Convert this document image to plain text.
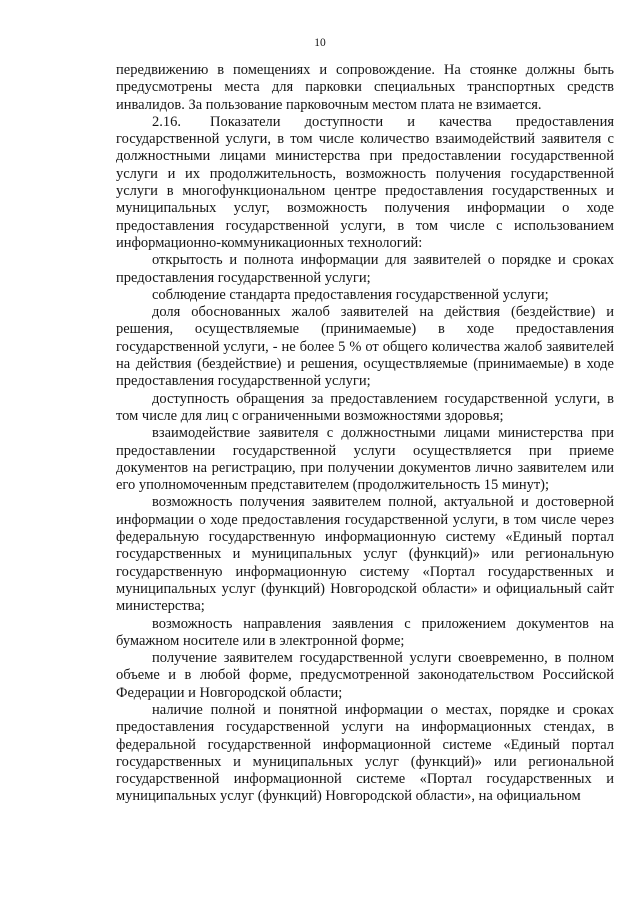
10

передвижению в помещениях и сопровождение. На стоянке должны быть предусмотрены места для парковки специальных транспортных средств инвалидов. За пользование парковочным местом плата не взимается.

2.16. Показатели доступности и качества предоставления государственной услуги, в том числе количество взаимодействий заявителя с должностными лицами министерства при предоставлении государственной услуги и их продолжительность, возможность получения государственной услуги в многофункциональном центре предоставления государственных и муниципальных услуг, возможность получения информации о ходе предоставления государственной услуги, в том числе с использованием информационно-коммуникационных технологий:

открытость и полнота информации для заявителей о порядке и сроках предоставления государственной услуги;

соблюдение стандарта предоставления государственной услуги;

доля обоснованных жалоб заявителей на действия (бездействие) и решения, осуществляемые (принимаемые) в ходе предоставления государственной услуги, - не более 5 % от общего количества жалоб заявителей на действия (бездействие) и решения, осуществляемые (принимаемые) в ходе предоставления государственной услуги;

доступность обращения за предоставлением государственной услуги, в том числе для лиц с ограниченными возможностями здоровья;

взаимодействие заявителя с должностными лицами министерства при предоставлении государственной услуги осуществляется при приеме документов на регистрацию, при получении документов лично заявителем или его уполномоченным представителем (продолжительность 15 минут);

возможность получения заявителем полной, актуальной и достоверной информации о ходе предоставления государственной услуги, в том числе через федеральную государственную информационную систему «Единый портал государственных и муниципальных услуг (функций)» или региональную государственную информационную систему «Портал государственных и муниципальных услуг (функций) Новгородской области» и официальный сайт министерства;

возможность направления заявления с приложением документов на бумажном носителе или в электронной форме;

получение заявителем государственной услуги своевременно, в полном объеме и в любой форме, предусмотренной законодательством Российской Федерации и Новгородской области;

наличие полной и понятной информации о местах, порядке и сроках предоставления государственной услуги на информационных стендах, в федеральной государственной информационной системе «Единый портал государственных и муниципальных услуг (функций)» или региональной государственной информационной системе «Портал государственных и муниципальных услуг (функций) Новгородской области», на официальном
